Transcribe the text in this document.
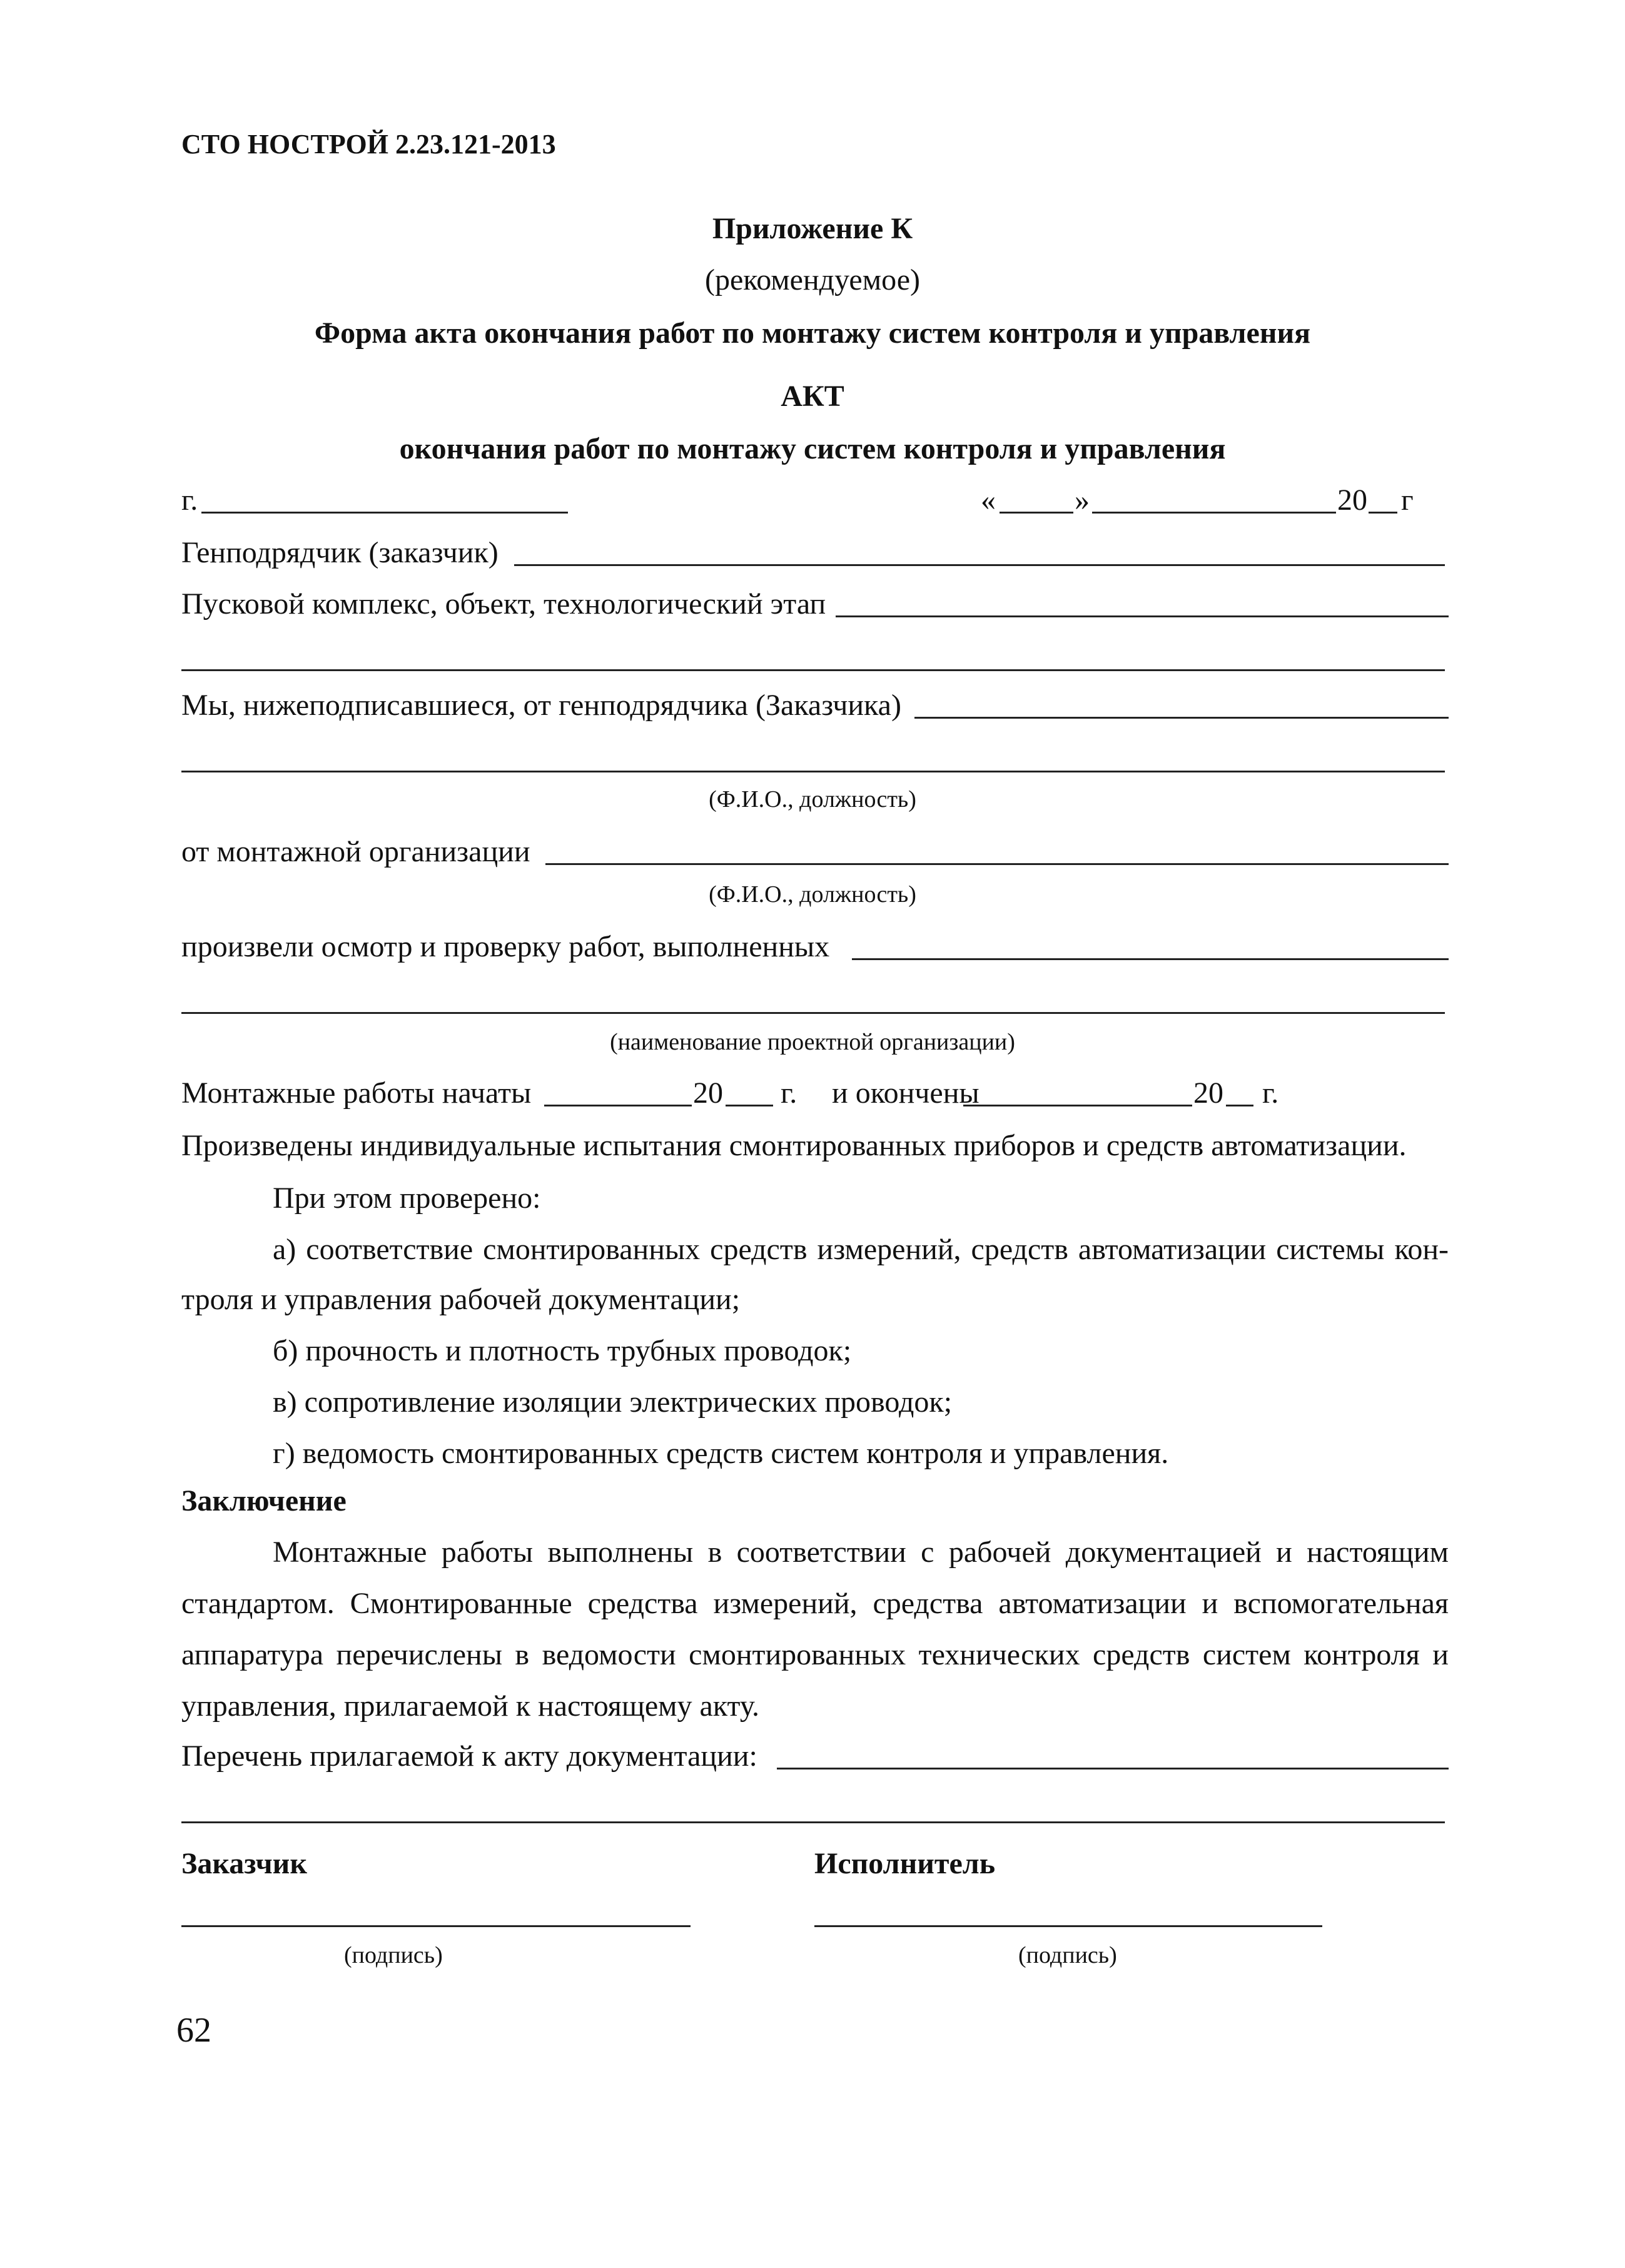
СТО НОСТРОЙ 2.23.121-2013
Приложение К
(рекомендуемое)
Форма акта окончания работ по монтажу систем контроля и управления
АКТ
окончания работ по монтажу систем контроля и управления
г.	«	»	20 г
Генподрядчик (заказчик)
Пусковой комплекс, объект, технологический этап
Мы, нижеподписавшиеся, от генподрядчика (Заказчика)
(Ф.И.О., должность)
от монтажной организации
(Ф.И.О., должность)
произвели осмотр и проверку работ, выполненных
(наименование проектной организации)
Монтажные работы начаты	20 г. и окончены	20 г.
Произведены индивидуальные испытания смонтированных приборов и средств автоматизации.
При этом проверено:
а) соответствие смонтированных средств измерений, средств автоматизации системы кон-
троля и управления рабочей документации;
б) прочность и плотность трубных проводок;
в) сопротивление изоляции электрических проводок;
г) ведомость смонтированных средств систем контроля и управления.
Заключение
Монтажные работы выполнены в соответствии с рабочей документацией и настоящим
стандартом. Смонтированные средства измерений, средства автоматизации и вспомогательная
аппаратура перечислены в ведомости смонтированных технических средств систем контроля и
управления, прилагаемой к настоящему акту.
Перечень прилагаемой к акту документации:
Заказчик	Исполнитель
(подпись)	(подпись)
62
